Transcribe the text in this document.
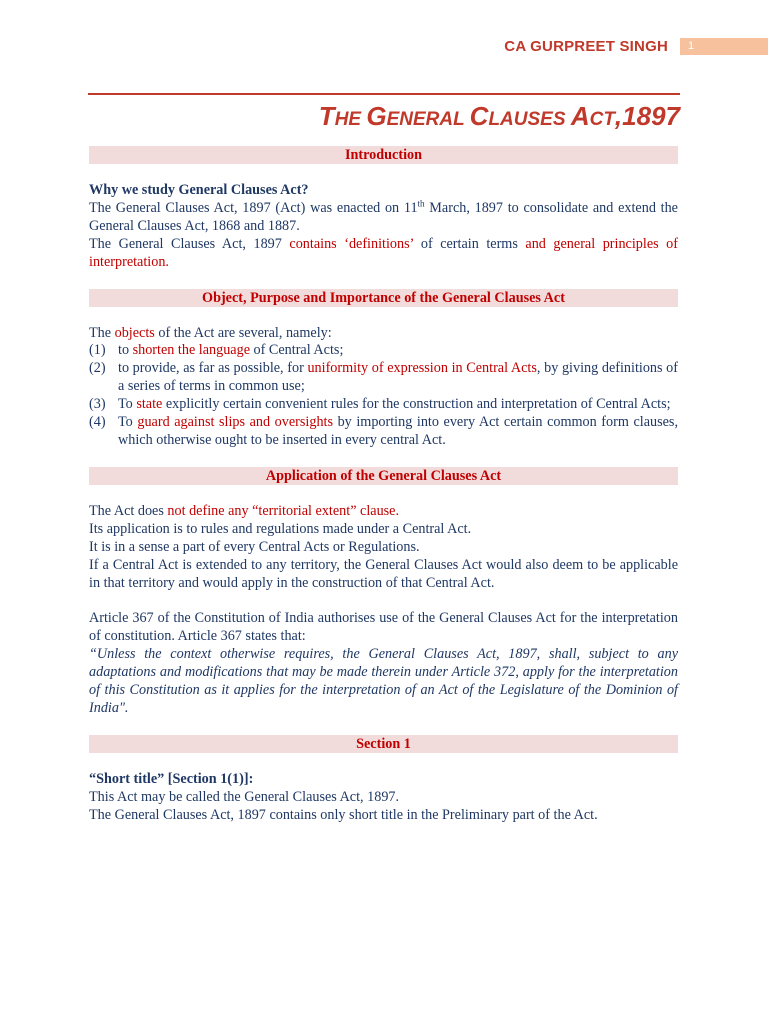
CA GURPREET SINGH	1
THE GENERAL CLAUSES ACT,1897
Introduction

Why we study General Clauses Act?

The General Clauses Act, 1897 (Act) was enacted on 11th March, 1897 to consolidate and extend the General Clauses Act, 1868 and 1887.

The General Clauses Act, 1897 contains ‘definitions’ of certain terms and general principles of interpretation.

Object, Purpose and Importance of the General Clauses Act

The objects of the Act are several, namely:

(1) to shorten the language of Central Acts;
(2) to provide, as far as possible, for uniformity of expression in Central Acts, by giving definitions of a series of terms in common use;
(3) To state explicitly certain convenient rules for the construction and interpretation of Central Acts;
(4) To guard against slips and oversights by importing into every Act certain common form clauses, which otherwise ought to be inserted in every central Act.
Application of the General Clauses Act

The Act does not define any “territorial extent” clause.

Its application is to rules and regulations made under a Central Act.

It is in a sense a part of every Central Acts or Regulations.

If a Central Act is extended to any territory, the General Clauses Act would also deem to be applicable in that territory and would apply in the construction of that Central Act.

Article 367 of the Constitution of India authorises use of the General Clauses Act for the interpretation of constitution. Article 367 states that:

“Unless the context otherwise requires, the General Clauses Act, 1897, shall, subject to any adaptations and modifications that may be made therein under Article 372, apply for the interpretation of this Constitution as it applies for the interpretation of an Act of the Legislature of the Dominion of India".

Section 1

“Short title” [Section 1(1)]:

This Act may be called the General Clauses Act, 1897.

The General Clauses Act, 1897 contains only short title in the Preliminary part of the Act.
